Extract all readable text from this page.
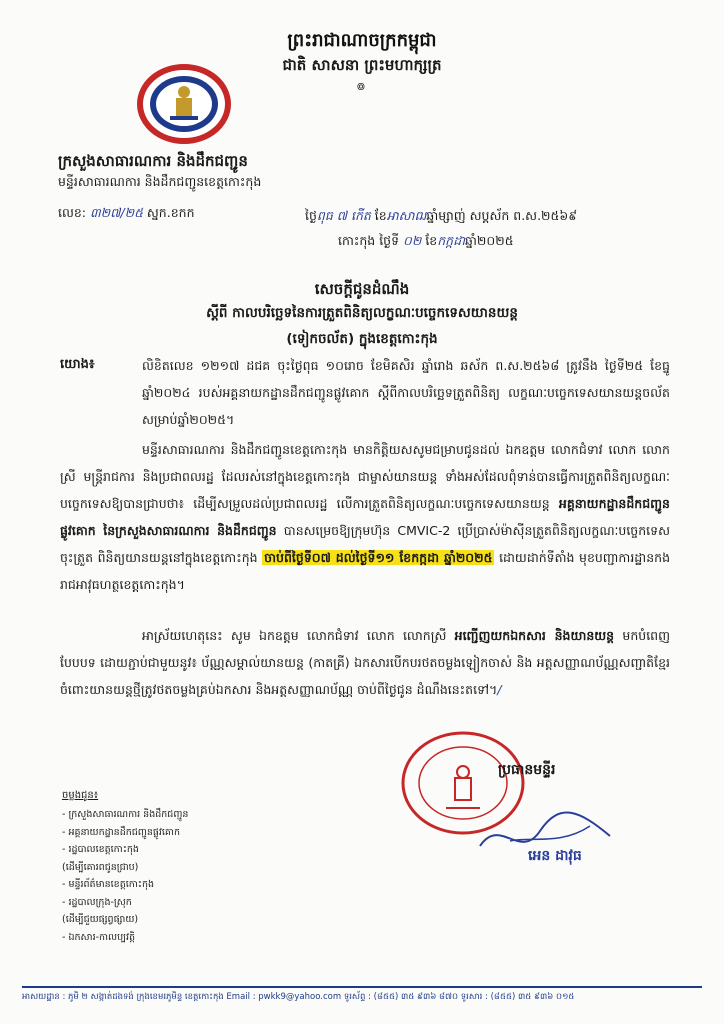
ព្រះរាជាណាចក្រកម្ពុជា
ជាតិ សាសនា ព្រះមហាក្សត្រ
៙
ក្រសួងសាធារណការ និងដឹកជញ្ជូន
មន្ទីរសាធារណការ និងដឹកជញ្ជូនខេត្តកោះកុង
លេខ: ៣២៧/២៥ ស្នក.ខកក	ថ្ងៃពុធ ៧ កើត ខែអាសាឍឆ្នាំម្សាញ់ សប្តស័ក ព.ស.២៥៦៩
កោះកុង ថ្ងៃទី ០២ ខែកក្កដាឆ្នាំ២០២៥
សេចក្តីជូនដំណឹង
ស្តីពី កាលបរិច្ឆេទនៃការត្រួតពិនិត្យលក្ខណៈបច្ចេកទេសយានយន្ត
(ទៀកចល័ត) ក្នុងខេត្តកោះកុង
យោង៖	លិខិតលេខ ១២១៧ ដជគ ចុះថ្ងៃពុធ ១០រោច ខែមិគសិរ ឆ្នាំរោង ឆស័ក ព.ស.២៥៦៨ ត្រូវនឹង ថ្ងៃទី២៥ ខែធ្នូ ឆ្នាំ២០២៤ របស់អគ្គនាយកដ្ឋានដឹកជញ្ជូនផ្លូវគោក ស្តីពីកាលបរិច្ឆេទត្រួតពិនិត្យ លក្ខណៈបច្ចេកទេសយានយន្តចល័ត សម្រាប់ឆ្នាំ២០២៥។
មន្ទីរសាធារណការ និងដឹកជញ្ជូនខេត្តកោះកុង មានកិត្តិយសសូមជម្រាបជូនដល់ ឯកឧត្តម លោកជំទាវ លោក លោកស្រី មន្ត្រីរាជការ និងប្រជាពលរដ្ឋ ដែលរស់នៅក្នុងខេត្តកោះកុង ជាម្ចាស់យានយន្ត ទាំងអស់ដែលពុំទាន់បានធ្វើការត្រួតពិនិត្យលក្ខណៈបច្ចេកទេសឱ្យបានជ្រាបថា៖ ដើម្បីសម្រួលដល់ប្រជាពលរដ្ឋ លើការត្រួតពិនិត្យលក្ខណៈបច្ចេកទេសយានយន្ត អគ្គនាយកដ្ឋានដឹកជញ្ជូនផ្លូវគោក នៃក្រសួងសាធារណការ និងដឹកជញ្ជូន បានសម្រេចឱ្យក្រុមហ៊ុន CMVIC-2 ប្រើប្រាស់ម៉ាស៊ីនត្រួតពិនិត្យលក្ខណៈបច្ចេកទេស ចុះត្រួត ពិនិត្យយានយន្តនៅក្នុងខេត្តកោះកុង ចាប់ពីថ្ងៃទី០៧ ដល់ថ្ងៃទី១១ ខែកក្កដា ឆ្នាំ២០២៥ ដោយដាក់ទីតាំង មុខបញ្ជាការដ្ឋានកងរាជអាវុធហត្ថខេត្តកោះកុង។
អាស្រ័យហេតុនេះ សូម ឯកឧត្តម លោកជំទាវ លោក លោកស្រី អញ្ជើញយកឯកសារ និងយានយន្ត មកបំពេញបែបបទ ដោយភ្ជាប់ជាមួយនូវ៖ ប័ណ្ណសម្គាល់យានយន្ត (កាតគ្រី) ឯកសារបើកបរថតចម្លងឡៀកចាស់ និង អត្តសញ្ញាណប័ណ្ណសញ្ជាតិខ្មែរ ចំពោះយានយន្តថ្មីត្រូវថតចម្លងគ្រប់ឯកសារ និងអត្តសញ្ញាណប័ណ្ណ ចាប់ពីថ្ងៃជូន ដំណឹងនេះតទៅ។/
ប្រធានមន្ទីរ
អេន ដាវុធ
ចម្លងជូន៖
- ក្រសួងសាធារណការ និងដឹកជញ្ជូន
- អគ្គនាយកដ្ឋានដឹកជញ្ជូនផ្លូវគោក
- រដ្ឋបាលខេត្តកោះកុង
(ដើម្បីគោរពជូនជ្រាប)
- មន្ទីរព័ត៌មានខេត្តកោះកុង
- រដ្ឋបាលក្រុង-ស្រុក
(ដើម្បីជួយផ្សព្វផ្សាយ)
- ឯកសារ-កាលប្បវត្តិ
អាសយដ្ឋាន : ភូមិ ២ សង្កាត់ដងទង់ ក្រុងខេមរភូមិន្ទ ខេត្តកោះកុង Email : pwkk9@yahoo.com ទូរស័ព្ទ : (៨៥៥) ៣៥ ៩៣៦ ៨៧០ ទូរសារ : (៨៥៥) ៣៥ ៩៣៦ ០១៥
